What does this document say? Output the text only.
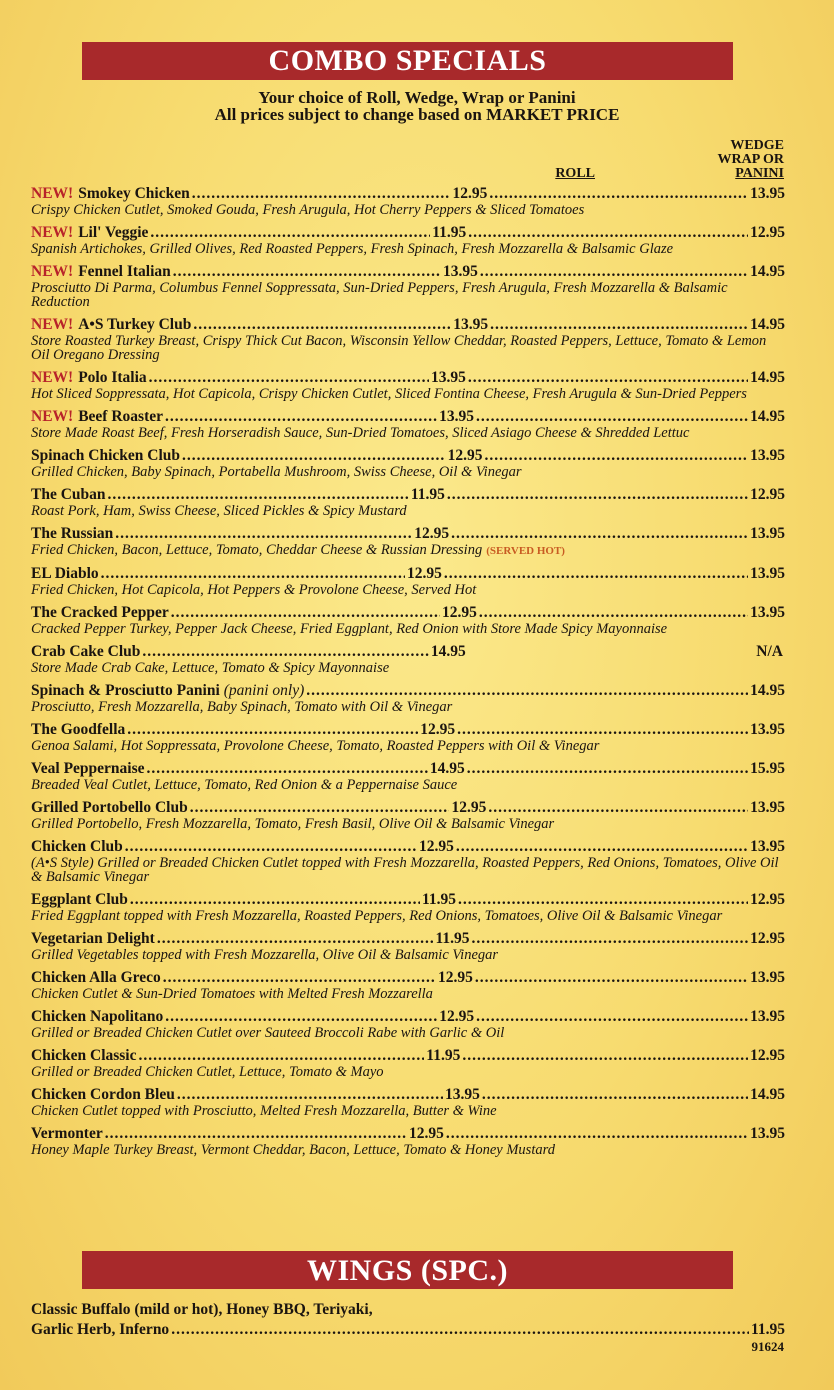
COMBO SPECIALS
Your choice of Roll, Wedge, Wrap or Panini
All prices subject to change based on MARKET PRICE
WEDGE
WRAP OR
PANINI
ROLL
NEW! Smokey Chicken .....	12.95 .....	13.95
Crispy Chicken Cutlet, Smoked Gouda, Fresh Arugula, Hot Cherry Peppers & Sliced Tomatoes
NEW! Lil' Veggie .....	11.95 .....	12.95
Spanish Artichokes, Grilled Olives, Red Roasted Peppers, Fresh Spinach, Fresh Mozzarella & Balsamic Glaze
NEW! Fennel Italian .....	13.95 .....	14.95
Prosciutto Di Parma, Columbus Fennel Soppressata, Sun-Dried Peppers, Fresh Arugula, Fresh Mozzarella & Balsamic Reduction
NEW! A•S Turkey Club .....	13.95 .....	14.95
Store Roasted Turkey Breast, Crispy Thick Cut Bacon, Wisconsin Yellow Cheddar, Roasted Peppers, Lettuce, Tomato & Lemon Oil Oregano Dressing
NEW! Polo Italia .....	13.95 .....	14.95
Hot Sliced Soppressata, Hot Capicola, Crispy Chicken Cutlet, Sliced Fontina Cheese, Fresh Arugula & Sun-Dried Peppers
NEW! Beef Roaster .....	13.95 .....	14.95
Store Made Roast Beef, Fresh Horseradish Sauce, Sun-Dried Tomatoes, Sliced Asiago Cheese & Shredded Lettuc
Spinach Chicken Club .....	12.95 .....	13.95
Grilled Chicken, Baby Spinach, Portabella Mushroom, Swiss Cheese, Oil & Vinegar
The Cuban .....	11.95 .....	12.95
Roast Pork, Ham, Swiss Cheese, Sliced Pickles & Spicy Mustard
The Russian .....	12.95 .....	13.95
Fried Chicken, Bacon, Lettuce, Tomato, Cheddar Cheese & Russian Dressing (SERVED HOT)
EL Diablo .....	12.95 .....	13.95
Fried Chicken, Hot Capicola, Hot Peppers & Provolone Cheese, Served Hot
The Cracked Pepper .....	12.95 .....	13.95
Cracked Pepper Turkey, Pepper Jack Cheese, Fried Eggplant, Red Onion with Store Made Spicy Mayonnaise
Crab Cake Club .....	14.95	N/A
Store Made Crab Cake, Lettuce, Tomato & Spicy Mayonnaise
Spinach & Prosciutto Panini (panini only) .....	14.95
Prosciutto, Fresh Mozzarella, Baby Spinach, Tomato with Oil & Vinegar
The Goodfella .....	12.95 .....	13.95
Genoa Salami, Hot Soppressata, Provolone Cheese, Tomato, Roasted Peppers with Oil & Vinegar
Veal Peppernaise .....	14.95 .....	15.95
Breaded Veal Cutlet, Lettuce, Tomato, Red Onion & a Peppernaise Sauce
Grilled Portobello Club .....	12.95 .....	13.95
Grilled Portobello, Fresh Mozzarella, Tomato, Fresh Basil, Olive Oil & Balsamic Vinegar
Chicken Club .....	12.95 .....	13.95
(A•S Style) Grilled or Breaded Chicken Cutlet topped with Fresh Mozzarella, Roasted Peppers, Red Onions, Tomatoes, Olive Oil & Balsamic Vinegar
Eggplant Club .....	11.95 .....	12.95
Fried Eggplant topped with Fresh Mozzarella, Roasted Peppers, Red Onions, Tomatoes, Olive Oil & Balsamic Vinegar
Vegetarian Delight .....	11.95 .....	12.95
Grilled Vegetables topped with Fresh Mozzarella, Olive Oil & Balsamic Vinegar
Chicken Alla Greco .....	12.95 .....	13.95
Chicken Cutlet & Sun-Dried Tomatoes with Melted Fresh Mozzarella
Chicken Napolitano .....	12.95 .....	13.95
Grilled or Breaded Chicken Cutlet over Sauteed Broccoli Rabe with Garlic & Oil
Chicken Classic .....	11.95 .....	12.95
Grilled or Breaded Chicken Cutlet, Lettuce, Tomato & Mayo
Chicken Cordon Bleu .....	13.95 .....	14.95
Chicken Cutlet topped with Prosciutto, Melted Fresh Mozzarella, Butter & Wine
Vermonter .....	12.95 .....	13.95
Honey Maple Turkey Breast, Vermont Cheddar, Bacon, Lettuce, Tomato & Honey Mustard
WINGS (SPC.)
Classic Buffalo (mild or hot), Honey BBQ, Teriyaki,
Garlic Herb, Inferno .....	11.95
91624
